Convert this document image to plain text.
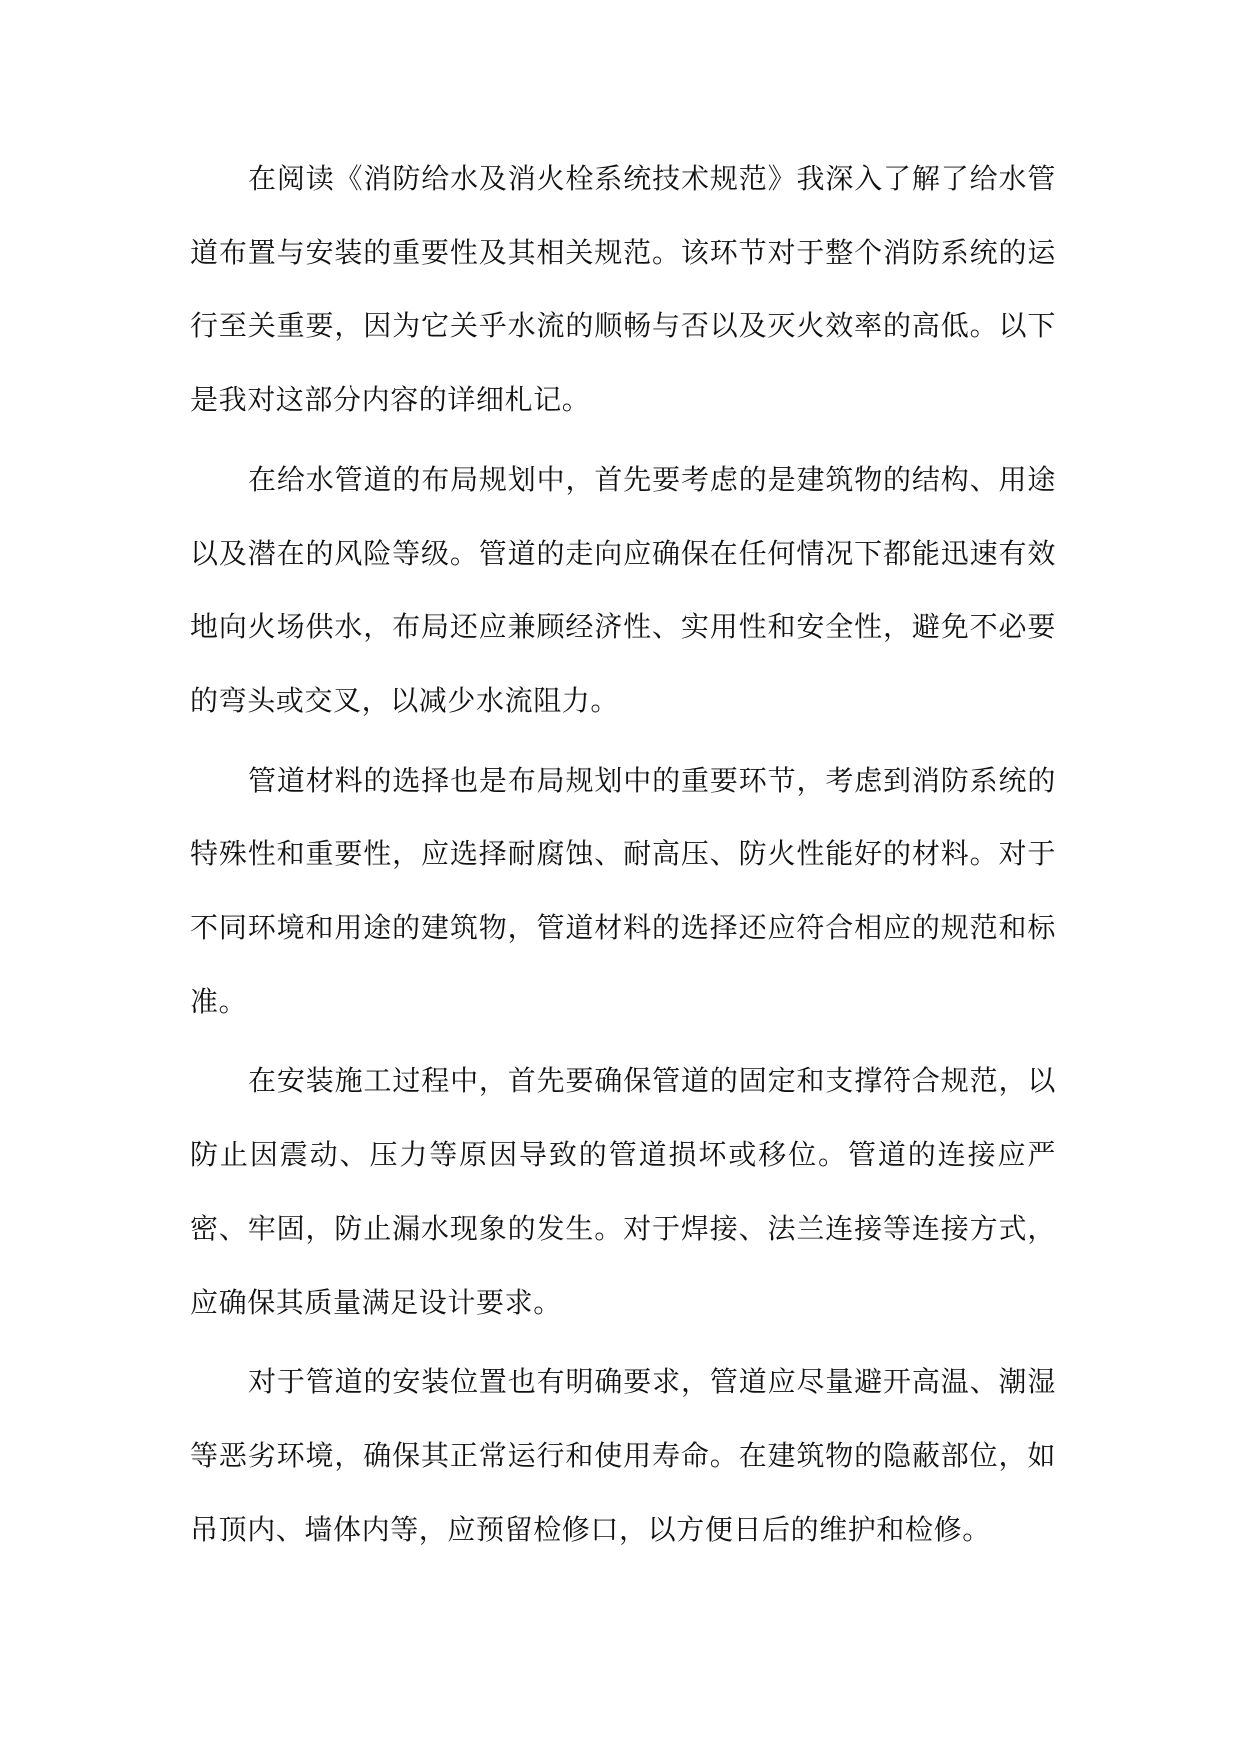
在阅读《消防给水及消火栓系统技术规范》我深入了解了给水管道布置与安装的重要性及其相关规范。该环节对于整个消防系统的运行至关重要，因为它关乎水流的顺畅与否以及灭火效率的高低。以下是我对这部分内容的详细札记。

在给水管道的布局规划中，首先要考虑的是建筑物的结构、用途以及潜在的风险等级。管道的走向应确保在任何情况下都能迅速有效地向火场供水，布局还应兼顾经济性、实用性和安全性，避免不必要的弯头或交叉，以减少水流阻力。

管道材料的选择也是布局规划中的重要环节，考虑到消防系统的特殊性和重要性，应选择耐腐蚀、耐高压、防火性能好的材料。对于不同环境和用途的建筑物，管道材料的选择还应符合相应的规范和标准。

在安装施工过程中，首先要确保管道的固定和支撑符合规范，以防止因震动、压力等原因导致的管道损坏或移位。管道的连接应严密、牢固，防止漏水现象的发生。对于焊接、法兰连接等连接方式，应确保其质量满足设计要求。

对于管道的安装位置也有明确要求，管道应尽量避开高温、潮湿等恶劣环境，确保其正常运行和使用寿命。在建筑物的隐蔽部位，如吊顶内、墙体内等，应预留检修口，以方便日后的维护和检修。
